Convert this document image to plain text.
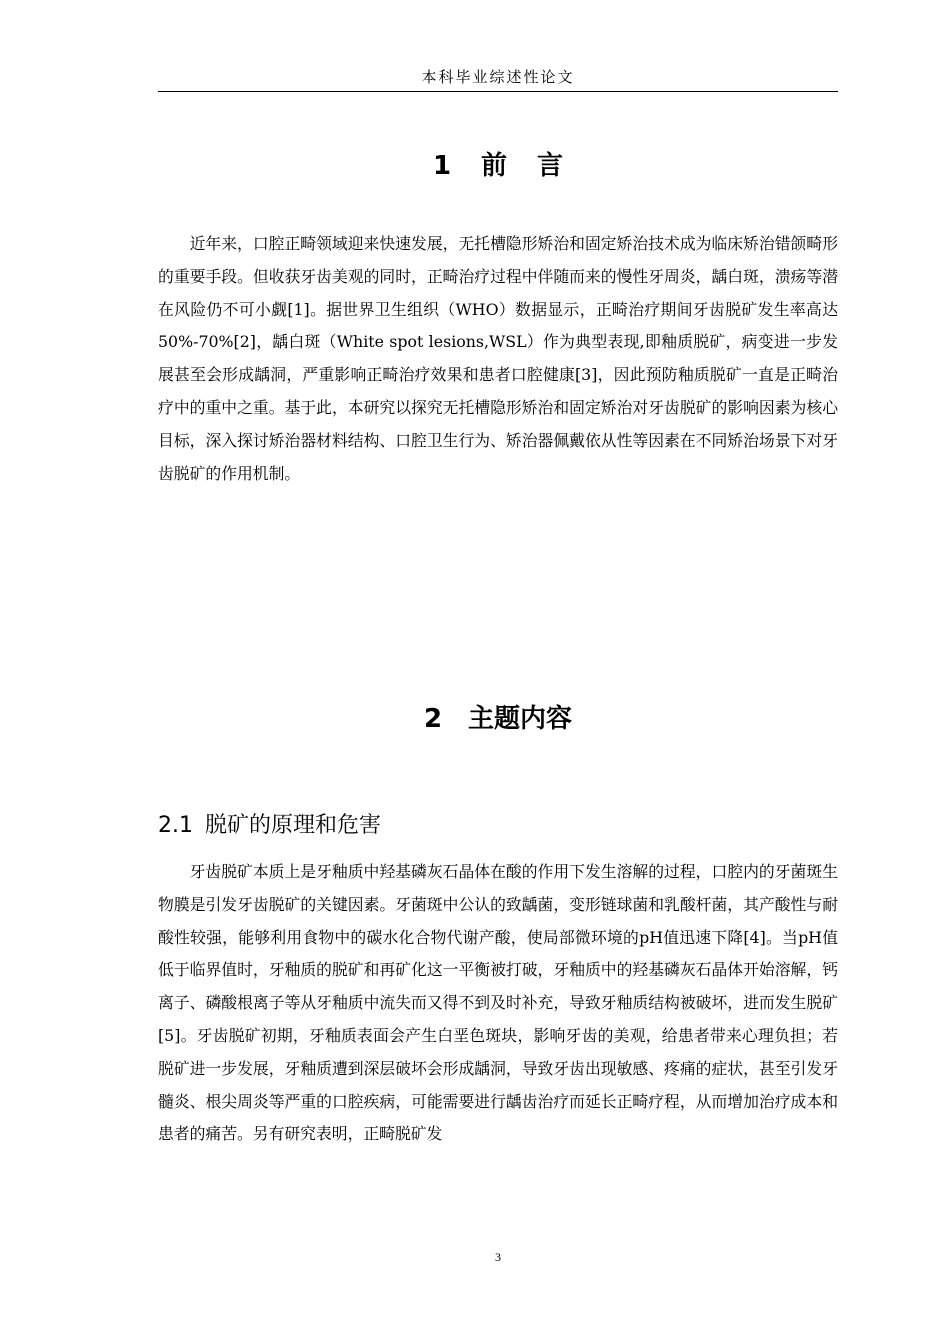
本科毕业综述性论文
1 前言

近年来，口腔正畸领域迎来快速发展，无托槽隐形矫治和固定矫治技术成为临床矫治错颌畸形的重要手段。但收获牙齿美观的同时，正畸治疗过程中伴随而来的慢性牙周炎，龋白斑，溃疡等潜在风险仍不可小觑[1]。据世界卫生组织（WHO）数据显示，正畸治疗期间牙齿脱矿发生率高达50%-70%[2]，龋白斑（White spot lesions,WSL）作为典型表现,即釉质脱矿，病变进一步发展甚至会形成龋洞，严重影响正畸治疗效果和患者口腔健康[3]，因此预防釉质脱矿一直是正畸治疗中的重中之重。基于此，本研究以探究无托槽隐形矫治和固定矫治对牙齿脱矿的影响因素为核心目标，深入探讨矫治器材料结构、口腔卫生行为、矫治器佩戴依从性等因素在不同矫治场景下对牙齿脱矿的作用机制。

2 主题内容
2.1 脱矿的原理和危害

牙齿脱矿本质上是牙釉质中羟基磷灰石晶体在酸的作用下发生溶解的过程，口腔内的牙菌斑生物膜是引发牙齿脱矿的关键因素。牙菌斑中公认的致龋菌，变形链球菌和乳酸杆菌，其产酸性与耐酸性较强，能够利用食物中的碳水化合物代谢产酸，使局部微环境的pH值迅速下降[4]。当pH值低于临界值时，牙釉质的脱矿和再矿化这一平衡被打破，牙釉质中的羟基磷灰石晶体开始溶解，钙离子、磷酸根离子等从牙釉质中流失而又得不到及时补充，导致牙釉质结构被破坏，进而发生脱矿[5]。牙齿脱矿初期，牙釉质表面会产生白垩色斑块，影响牙齿的美观，给患者带来心理负担；若脱矿进一步发展，牙釉质遭到深层破坏会形成龋洞，导致牙齿出现敏感、疼痛的症状，甚至引发牙髓炎、根尖周炎等严重的口腔疾病，可能需要进行龋齿治疗而延长正畸疗程，从而增加治疗成本和患者的痛苦。另有研究表明，正畸脱矿发

3
